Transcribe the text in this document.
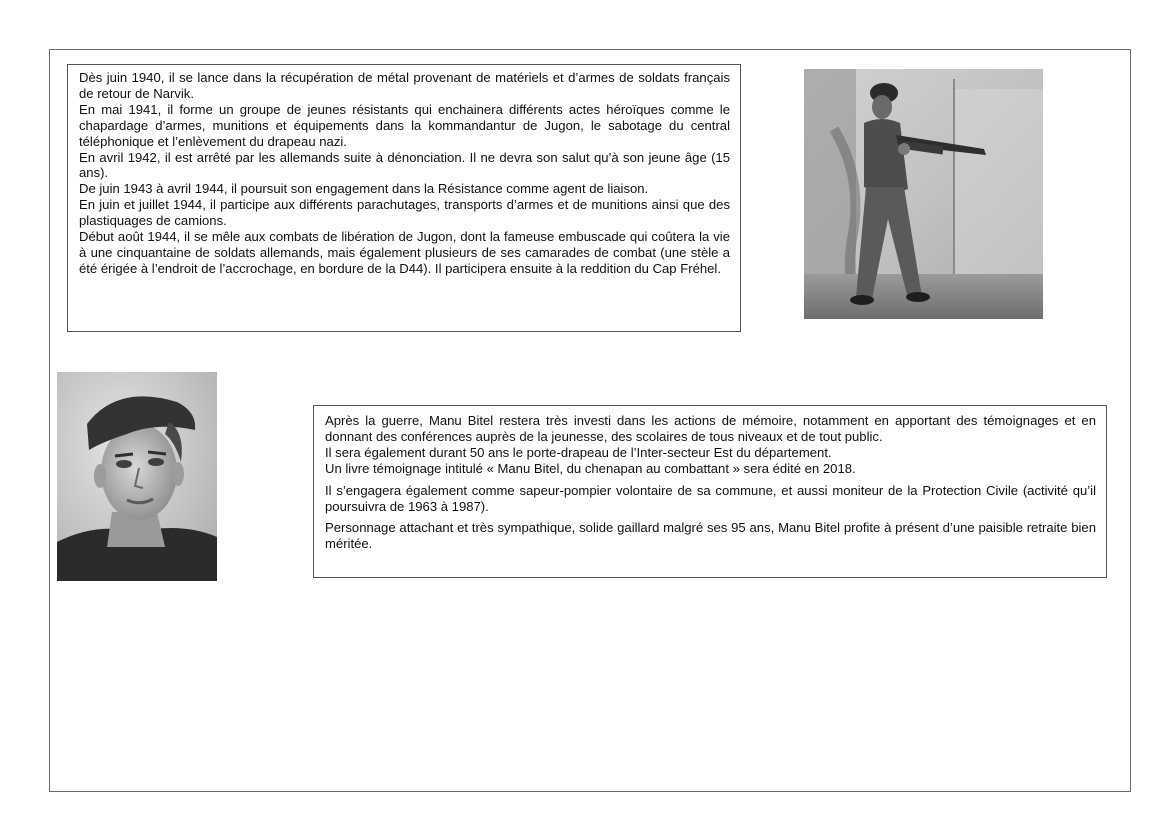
Dès juin 1940, il se lance dans la récupération de métal provenant de matériels et d’armes de soldats français de retour de Narvik.

En mai 1941, il forme un groupe de jeunes résistants qui enchainera différents actes héroïques comme le chapardage d’armes, munitions et équipements dans la kommandantur de Jugon, le sabotage du central téléphonique et l’enlèvement du drapeau nazi.

En avril 1942, il est arrêté par les allemands suite à dénonciation. Il ne devra son salut qu’à son jeune âge (15 ans).

De juin 1943 à avril 1944, il poursuit son engagement dans la Résistance comme agent de liaison.

En juin et juillet 1944, il participe aux différents parachutages, transports d’armes et de munitions ainsi que des plastiquages de camions.

Début août 1944, il se mêle aux combats de libération de Jugon, dont la fameuse embuscade qui coûtera la vie à une cinquantaine de soldats allemands, mais également plusieurs de ses camarades de combat (une stèle a été érigée à l’endroit de l’accrochage, en bordure de la D44). Il participera ensuite à la reddition du Cap Fréhel.

Après la guerre, Manu Bitel restera très investi dans les actions de mémoire, notamment en apportant des témoignages et en donnant des conférences auprès de la jeunesse, des scolaires de tous niveaux et de tout public.
Il sera également durant 50 ans le porte-drapeau de l’Inter-secteur Est du département.
Un livre témoignage intitulé « Manu Bitel, du chenapan au combattant » sera édité en 2018.

Il s’engagera également comme sapeur-pompier volontaire de sa commune, et aussi moniteur de la Protection Civile (activité qu’il poursuivra de 1963 à 1987).

Personnage attachant et très sympathique, solide gaillard malgré ses 95 ans, Manu Bitel profite à présent d’une paisible retraite bien méritée.
